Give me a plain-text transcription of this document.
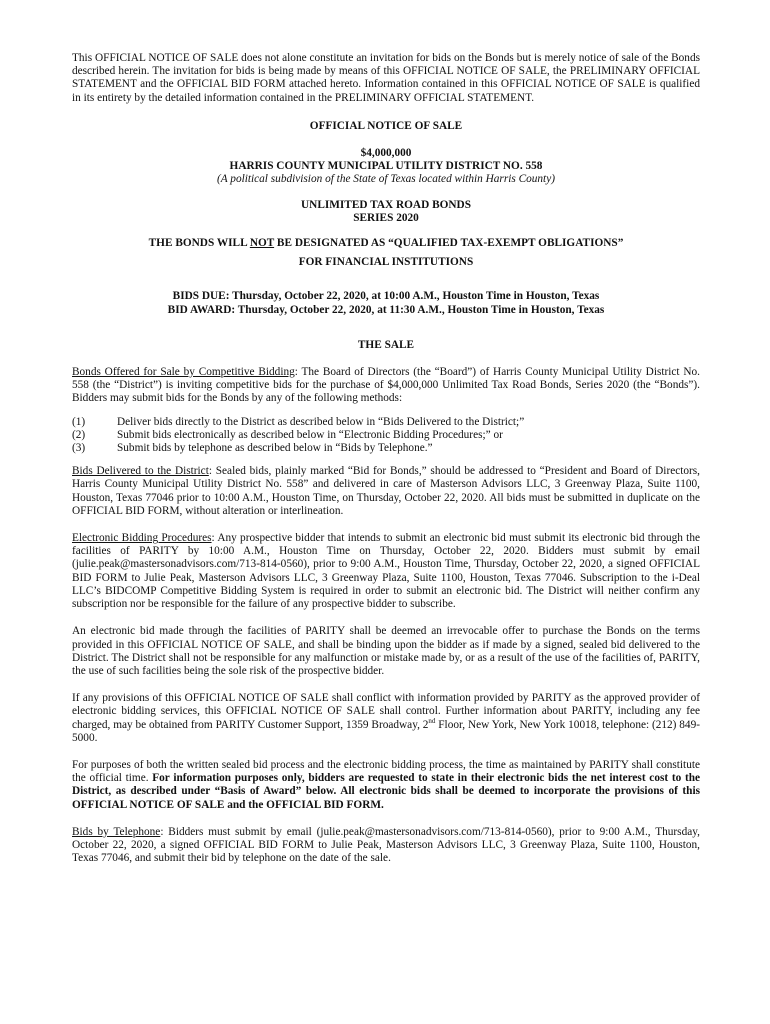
This OFFICIAL NOTICE OF SALE does not alone constitute an invitation for bids on the Bonds but is merely notice of sale of the Bonds described herein. The invitation for bids is being made by means of this OFFICIAL NOTICE OF SALE, the PRELIMINARY OFFICIAL STATEMENT and the OFFICIAL BID FORM attached hereto. Information contained in this OFFICIAL NOTICE OF SALE is qualified in its entirety by the detailed information contained in the PRELIMINARY OFFICIAL STATEMENT.

OFFICIAL NOTICE OF SALE

$4,000,000

HARRIS COUNTY MUNICIPAL UTILITY DISTRICT NO. 558

(A political subdivision of the State of Texas located within Harris County)

UNLIMITED TAX ROAD BONDS

SERIES 2020

THE BONDS WILL NOT BE DESIGNATED AS “QUALIFIED TAX-EXEMPT OBLIGATIONS”

FOR FINANCIAL INSTITUTIONS

BIDS DUE: Thursday, October 22, 2020, at 10:00 A.M., Houston Time in Houston, Texas

BID AWARD: Thursday, October 22, 2020, at 11:30 A.M., Houston Time in Houston, Texas

THE SALE

Bonds Offered for Sale by Competitive Bidding: The Board of Directors (the “Board”) of Harris County Municipal Utility District No. 558 (the “District”) is inviting competitive bids for the purchase of $4,000,000 Unlimited Tax Road Bonds, Series 2020 (the “Bonds”). Bidders may submit bids for the Bonds by any of the following methods:

(1)	Deliver bids directly to the District as described below in “Bids Delivered to the District;”
(2)	Submit bids electronically as described below in “Electronic Bidding Procedures;” or
(3)	Submit bids by telephone as described below in “Bids by Telephone.”

Bids Delivered to the District: Sealed bids, plainly marked “Bid for Bonds,” should be addressed to “President and Board of Directors, Harris County Municipal Utility District No. 558” and delivered in care of Masterson Advisors LLC, 3 Greenway Plaza, Suite 1100, Houston, Texas 77046 prior to 10:00 A.M., Houston Time, on Thursday, October 22, 2020. All bids must be submitted in duplicate on the OFFICIAL BID FORM, without alteration or interlineation.

Electronic Bidding Procedures: Any prospective bidder that intends to submit an electronic bid must submit its electronic bid through the facilities of PARITY by 10:00 A.M., Houston Time on Thursday, October 22, 2020. Bidders must submit by email (julie.peak@mastersonadvisors.com/713-814-0560), prior to 9:00 A.M., Houston Time, Thursday, October 22, 2020, a signed OFFICIAL BID FORM to Julie Peak, Masterson Advisors LLC, 3 Greenway Plaza, Suite 1100, Houston, Texas 77046. Subscription to the i-Deal LLC’s BIDCOMP Competitive Bidding System is required in order to submit an electronic bid. The District will neither confirm any subscription nor be responsible for the failure of any prospective bidder to subscribe.

An electronic bid made through the facilities of PARITY shall be deemed an irrevocable offer to purchase the Bonds on the terms provided in this OFFICIAL NOTICE OF SALE, and shall be binding upon the bidder as if made by a signed, sealed bid delivered to the District. The District shall not be responsible for any malfunction or mistake made by, or as a result of the use of the facilities of, PARITY, the use of such facilities being the sole risk of the prospective bidder.

If any provisions of this OFFICIAL NOTICE OF SALE shall conflict with information provided by PARITY as the approved provider of electronic bidding services, this OFFICIAL NOTICE OF SALE shall control. Further information about PARITY, including any fee charged, may be obtained from PARITY Customer Support, 1359 Broadway, 2nd Floor, New York, New York 10018, telephone: (212) 849-5000.

For purposes of both the written sealed bid process and the electronic bidding process, the time as maintained by PARITY shall constitute the official time. For information purposes only, bidders are requested to state in their electronic bids the net interest cost to the District, as described under “Basis of Award” below. All electronic bids shall be deemed to incorporate the provisions of this OFFICIAL NOTICE OF SALE and the OFFICIAL BID FORM.

Bids by Telephone: Bidders must submit by email (julie.peak@mastersonadvisors.com/713-814-0560), prior to 9:00 A.M., Thursday, October 22, 2020, a signed OFFICIAL BID FORM to Julie Peak, Masterson Advisors LLC, 3 Greenway Plaza, Suite 1100, Houston, Texas 77046, and submit their bid by telephone on the date of the sale.
